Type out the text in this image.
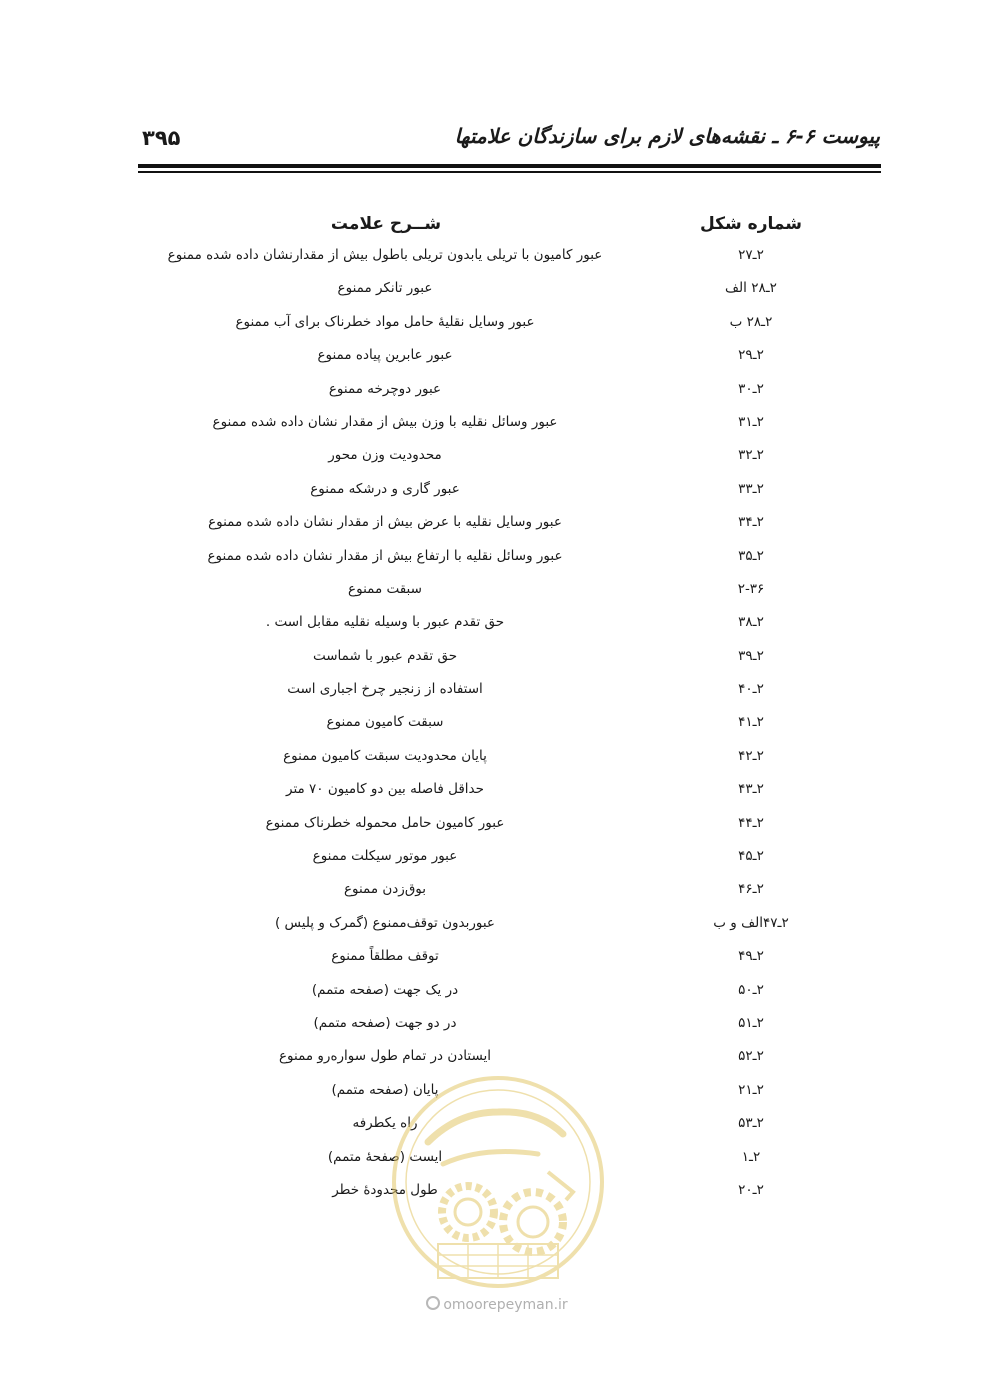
پیوست ۶-۶ ـ نقشه‌های لازم برای سازندگان علامتها
۳۹۵
شماره شکل
شــرح علامت
۲ـ۲۷
عبور کامیون با تریلی یابدون تریلی باطول بیش از مقدارنشان داده شده ممنوع
۲ـ۲۸ الف
عبور تانکر ممنوع
۲ـ۲۸ ب
عبور وسایل نقلیهٔ حامل مواد خطرناک برای آب ممنوع
۲ـ۲۹
عبور عابرین پیاده ممنوع
۲ـ۳۰
عبور دوچرخه ممنوع
۲ـ۳۱
عبور وسائل نقلیه با وزن بیش از مقدار نشان داده شده ممنوع
۲ـ۳۲
محدودیت وزن محور
۲ـ۳۳
عبور گاری و درشکه ممنوع
۲ـ۳۴
عبور وسایل نقلیه با عرض بیش از مقدار نشان داده شده ممنوع
۲ـ۳۵
عبور وسائل نقلیه با ارتفاع بیش از مقدار نشان داده شده ممنوع
۲-۳۶
سبقت ممنوع
۲ـ۳۸
حق تقدم عبور با وسیله نقلیه مقابل است .
۲ـ۳۹
حق تقدم عبور با شماست
۲ـ۴۰
استفاده از زنجیر چرخ اجباری است
۲ـ۴۱
سبقت کامیون ممنوع
۲ـ۴۲
پایان محدودیت سبقت کامیون ممنوع
۲ـ۴۳
حداقل فاصله بین دو کامیون ۷۰ متر
۲ـ۴۴
عبور کامیون حامل محموله خطرناک ممنوع
۲ـ۴۵
عبور موتور سیکلت ممنوع
۲ـ۴۶
بوق‌زدن ممنوع
۲ـ۴۷الف و ب
عبوربدون توقف‌ممنوع (گمرک و پلیس )
۲ـ۴۹
توقف مطلقاً ممنوع
۲ـ۵۰
در یک جهت (صفحه متمم)
۲ـ۵۱
در دو جهت (صفحه متمم)
۲ـ۵۲
ایستادن در تمام طول سواره‌رو ممنوع
۲ـ۲۱
پایان (صفحه متمم)
۲ـ۵۳
راه یکطرفه
۲ـ۱
ایست (صفحهٔ متمم)
۲ـ۲۰
طول محدودهٔ خطر
omoorepeyman.ir
